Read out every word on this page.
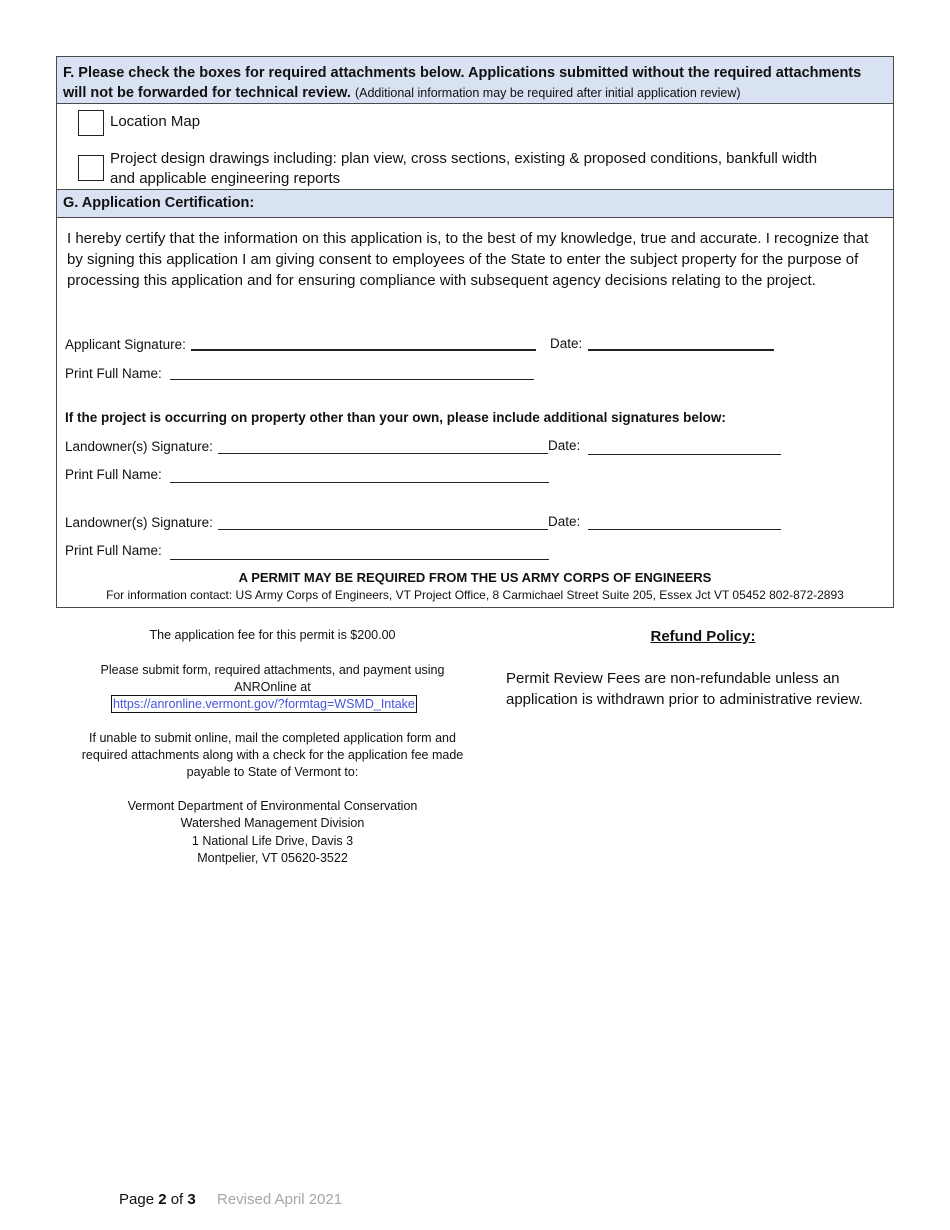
F. Please check the boxes for required attachments below. Applications submitted without the required attachments will not be forwarded for technical review. (Additional information may be required after initial application review)
Location Map
Project design drawings including: plan view, cross sections, existing & proposed conditions, bankfull width and applicable engineering reports
G. Application Certification:
I hereby certify that the information on this application is, to the best of my knowledge, true and accurate. I recognize that by signing this application I am giving consent to employees of the State to enter the subject property for the purpose of processing this application and for ensuring compliance with subsequent agency decisions relating to the project.
Applicant Signature:	Date:
Print Full Name:
If the project is occurring on property other than your own, please include additional signatures below:
Landowner(s) Signature:	Date:
Print Full Name:
Landowner(s) Signature:	Date:
Print Full Name:
A PERMIT MAY BE REQUIRED FROM THE US ARMY CORPS OF ENGINEERS
For information contact: US Army Corps of Engineers, VT Project Office, 8 Carmichael Street Suite 205, Essex Jct VT 05452 802-872-2893
The application fee for this permit is $200.00
Please submit form, required attachments, and payment using ANROnline at
https://anronline.vermont.gov/?formtag=WSMD_Intake
If unable to submit online, mail the completed application form and required attachments along with a check for the application fee made payable to State of Vermont to:
Vermont Department of Environmental Conservation
Watershed Management Division
1 National Life Drive, Davis 3
Montpelier, VT 05620-3522
Refund Policy:
Permit Review Fees are non-refundable unless an application is withdrawn prior to administrative review.
Page 2 of 3 Revised April 2021
